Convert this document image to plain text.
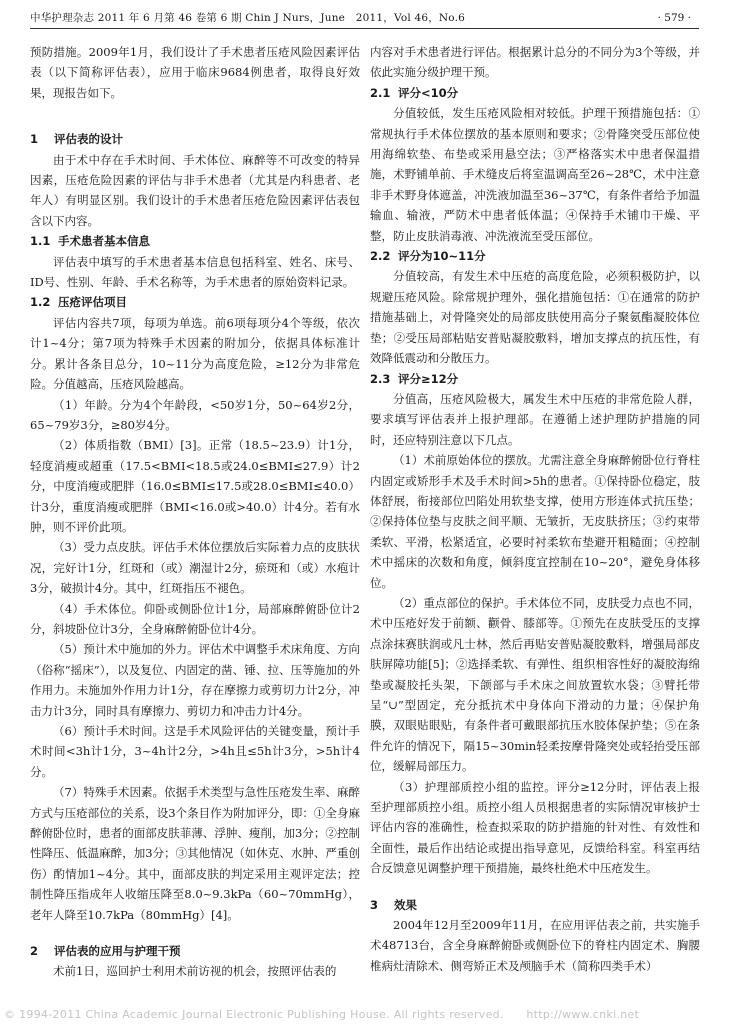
中华护理杂志 2011 年 6 月第 46 卷第 6 期 Chin J Nurs，June　2011，Vol 46，No.6	· 579 ·

预防措施。2009年1月，我们设计了手术患者压疮风险因素评估表（以下简称评估表），应用于临床9684例患者，取得良好效果，现报告如下。

1 评估表的设计

由于术中存在手术时间、手术体位、麻醉等不可改变的特异因素，压疮危险因素的评估与非手术患者（尤其是内科患者、老年人）有明显区别。我们设计的手术患者压疮危险因素评估表包含以下内容。

1.1 手术患者基本信息

评估表中填写的手术患者基本信息包括科室、姓名、床号、ID号、性别、年龄、手术名称等，为手术患者的原始资料记录。

1.2 压疮评估项目

评估内容共7项，每项为单选。前6项每项分4个等级，依次计1~4分；第7项为特殊手术因素的附加分，依据具体标准计分。累计各条目总分，10~11分为高度危险，≥12分为非常危险。分值越高，压疮风险越高。

（1）年龄。分为4个年龄段，<50岁1分，50~64岁2分，65~79岁3分，≥80岁4分。

（2）体质指数（BMI）[3]。正常（18.5~23.9）计1分，轻度消瘦或超重（17.5<BMI<18.5或24.0≤BMI≤27.9）计2分，中度消瘦或肥胖（16.0≤BMI≤17.5或28.0≤BMI≤40.0）计3分，重度消瘦或肥胖（BMI<16.0或>40.0）计4分。若有水肿，则不评价此项。

（3）受力点皮肤。评估手术体位摆放后实际着力点的皮肤状况，完好计1分，红斑和（或）潮湿计2分，瘀斑和（或）水疱计3分，破损计4分。其中，红斑指压不褪色。

（4）手术体位。仰卧或侧卧位计1分，局部麻醉俯卧位计2分，斜坡卧位计3分，全身麻醉俯卧位计4分。

（5）预计术中施加的外力。评估术中调整手术床角度、方向（俗称“摇床”），以及复位、内固定的凿、锤、拉、压等施加的外作用力。未施加外作用力计1分，存在摩擦力或剪切力计2分，冲击力计3分，同时具有摩擦力、剪切力和冲击力计4分。

（6）预计手术时间。这是手术风险评估的关键变量，预计手术时间<3h计1分，3~4h计2分，>4h且≤5h计3分，>5h计4分。

（7）特殊手术因素。依据手术类型与急性压疮发生率、麻醉方式与压疮部位的关系，设3个条目作为附加评分，即：①全身麻醉俯卧位时，患者的面部皮肤菲薄、浮肿、瘦削，加3分；②控制性降压、低温麻醉，加3分；③其他情况（如休克、水肿、严重创伤）酌情加1~4分。其中，面部皮肤的判定采用主观评定法；控制性降压指成年人收缩压降至8.0~9.3kPa（60~70mmHg），老年人降至10.7kPa（80mmHg）[4]。

2 评估表的应用与护理干预

术前1日，巡回护士利用术前访视的机会，按照评估表的

内容对手术患者进行评估。根据累计总分的不同分为3个等级，并依此实施分级护理干预。

2.1 评分<10分

分值较低，发生压疮风险相对较低。护理干预措施包括：①常规执行手术体位摆放的基本原则和要求；②骨隆突受压部位使用海绵软垫、布垫或采用悬空法；③严格落实术中患者保温措施，术野铺单前、手术缝皮后将室温调高至26~28℃，术中注意非手术野身体遮盖，冲洗液加温至36~37℃，有条件者给予加温输血、输液，严防术中患者低体温；④保持手术铺巾干燥、平整，防止皮肤消毒液、冲洗液流至受压部位。

2.2 评分为10~11分

分值较高，有发生术中压疮的高度危险，必须积极防护，以规避压疮风险。除常规护理外，强化措施包括：①在通常的防护措施基础上，对骨隆突处的局部皮肤使用高分子聚氨酯凝胶体位垫；②受压局部粘贴安普贴凝胶敷料，增加支撑点的抗压性，有效降低震动和分散压力。

2.3 评分≥12分

分值高，压疮风险极大，属发生术中压疮的非常危险人群，要求填写评估表并上报护理部。在遵循上述护理防护措施的同时，还应特别注意以下几点。

（1）术前原始体位的摆放。尤需注意全身麻醉俯卧位行脊柱内固定或矫形手术及手术时间>5h的患者。①保持卧位稳定，肢体舒展，衔接部位凹陷处用软垫支撑，使用方形连体式抗压垫；②保持体位垫与皮肤之间平顺、无皱折，无皮肤挤压；③约束带柔软、平滑，松紧适宜，必要时衬柔软布垫避开粗糙面；④控制术中摇床的次数和角度，倾斜度宜控制在10~20°，避免身体移位。

（2）重点部位的保护。手术体位不同，皮肤受力点也不同，术中压疮好发于前额、颧骨、膝部等。①预先在皮肤受压的支撑点涂抹赛肤润或凡士林，然后再贴安普贴凝胶敷料，增强局部皮肤屏障功能[5]；②选择柔软、有弹性、组织相容性好的凝胶海绵垫或凝胶托头架，下颌部与手术床之间放置软水袋；③臂托带呈“∪”型固定，充分抵抗术中身体向下滑动的力量；④保护角膜，双眼贴眼贴，有条件者可戴眼部抗压水胶体保护垫；⑤在条件允许的情况下，隔15~30min轻柔按摩骨隆突处或轻抬受压部位，缓解局部压力。

（3）护理部质控小组的监控。评分≥12分时，评估表上报至护理部质控小组。质控小组人员根据患者的实际情况审核护士评估内容的准确性，检查拟采取的防护措施的针对性、有效性和全面性，最后作出结论或提出指导意见，反馈给科室。科室再结合反馈意见调整护理干预措施，最终杜绝术中压疮发生。

3 效果

2004年12月至2009年11月，在应用评估表之前，共实施手术48713台，含全身麻醉俯卧或侧卧位下的脊柱内固定术、胸腰椎病灶清除术、侧弯矫正术及颅脑手术（简称四类手术）

© 1994-2011 China Academic Journal Electronic Publishing House. All rights reserved.　　http://www.cnki.net
